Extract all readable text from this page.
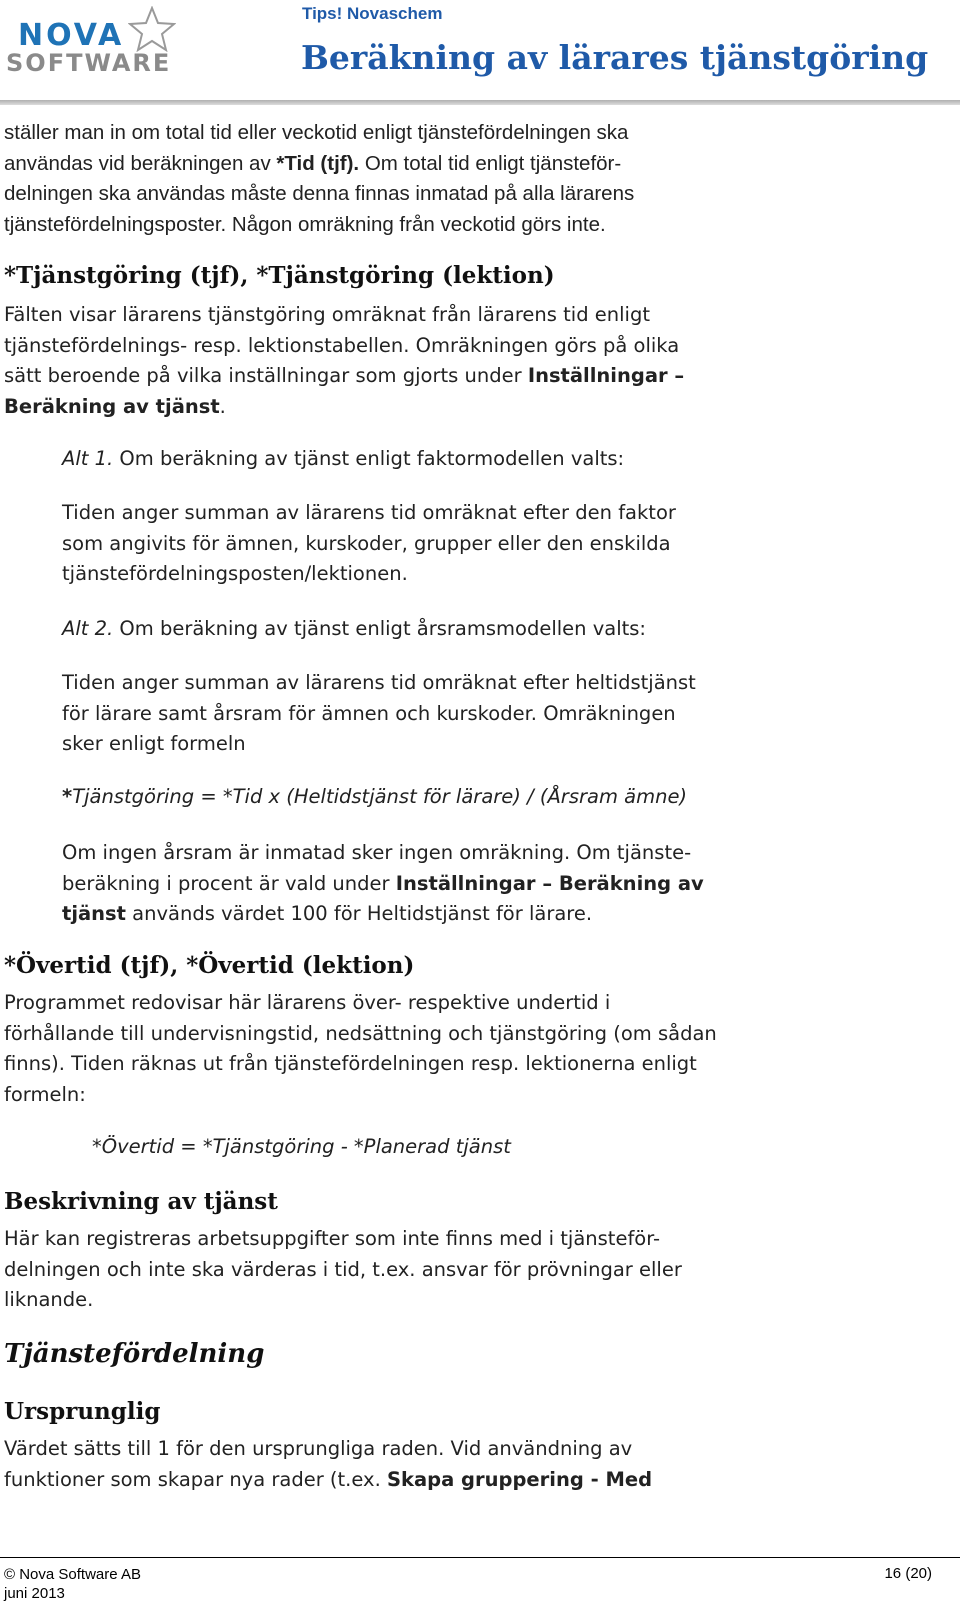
NOVA
SOFTWARE
Tips! Novaschem
Beräkning av lärares tjänstgöring
ställer man in om total tid eller veckotid enligt tjänstefördelningen ska
användas vid beräkningen av *Tid (tjf). Om total tid enligt tjänsteför-
delningen ska användas måste denna finnas inmatad på alla lärarens
tjänstefördelningsposter. Någon omräkning från veckotid görs inte.
*Tjänstgöring (tjf), *Tjänstgöring (lektion)
Fälten visar lärarens tjänstgöring omräknat från lärarens tid enligt
tjänstefördelnings- resp. lektionstabellen. Omräkningen görs på olika
sätt beroende på vilka inställningar som gjorts under Inställningar –
Beräkning av tjänst.
Alt 1. Om beräkning av tjänst enligt faktormodellen valts:
Tiden anger summan av lärarens tid omräknat efter den faktor
som angivits för ämnen, kurskoder, grupper eller den enskilda
tjänstefördelningsposten/lektionen.
Alt 2. Om beräkning av tjänst enligt årsramsmodellen valts:
Tiden anger summan av lärarens tid omräknat efter heltidstjänst
för lärare samt årsram för ämnen och kurskoder. Omräkningen
sker enligt formeln
*Tjänstgöring = *Tid x (Heltidstjänst för lärare) / (Årsram ämne)
Om ingen årsram är inmatad sker ingen omräkning. Om tjänste-
beräkning i procent är vald under Inställningar – Beräkning av
tjänst används värdet 100 för Heltidstjänst för lärare.
*Övertid (tjf), *Övertid (lektion)
Programmet redovisar här lärarens över- respektive undertid i
förhållande till undervisningstid, nedsättning och tjänstgöring (om sådan
finns). Tiden räknas ut från tjänstefördelningen resp. lektionerna enligt
formeln:
*Övertid = *Tjänstgöring - *Planerad tjänst
Beskrivning av tjänst
Här kan registreras arbetsuppgifter som inte finns med i tjänsteför-
delningen och inte ska värderas i tid, t.ex. ansvar för prövningar eller
liknande.
Tjänstefördelning
Ursprunglig
Värdet sätts till 1 för den ursprungliga raden. Vid användning av
funktioner som skapar nya rader (t.ex. Skapa gruppering - Med
© Nova Software AB
juni 2013
16 (20)
